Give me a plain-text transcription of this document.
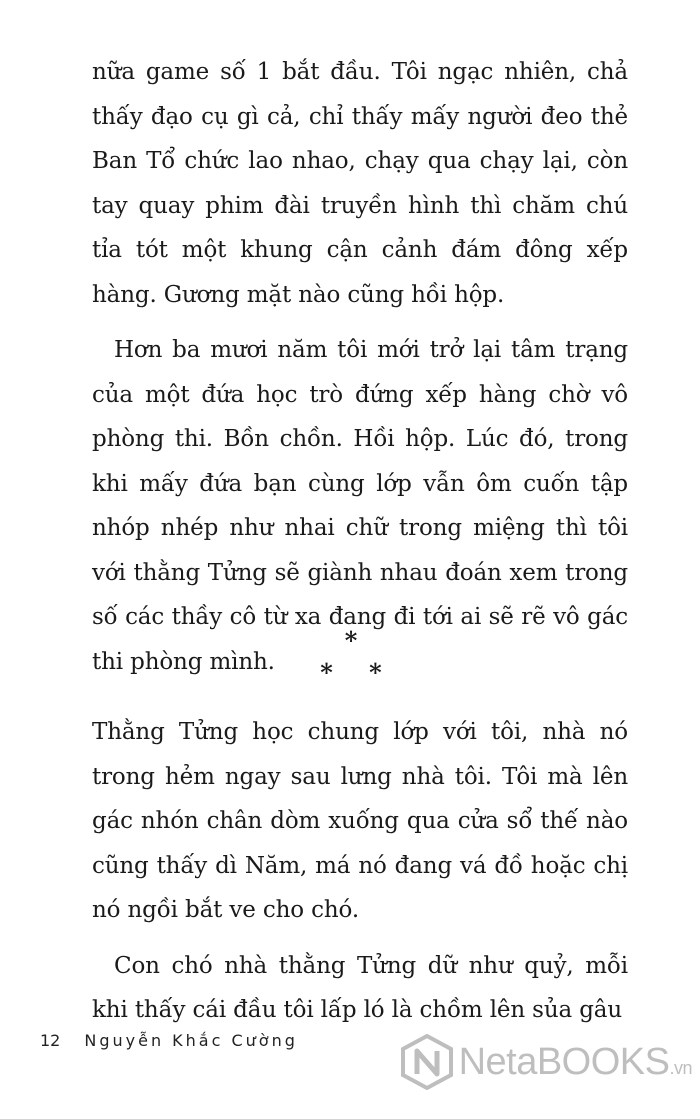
nữa game số 1 bắt đầu. Tôi ngạc nhiên, chả thấy đạo cụ gì cả, chỉ thấy mấy người đeo thẻ Ban Tổ chức lao nhao, chạy qua chạy lại, còn tay quay phim đài truyền hình thì chăm chú tỉa tót một khung cận cảnh đám đông xếp hàng. Gương mặt nào cũng hồi hộp.

Hơn ba mươi năm tôi mới trở lại tâm trạng của một đứa học trò đứng xếp hàng chờ vô phòng thi. Bồn chồn. Hồi hộp. Lúc đó, trong khi mấy đứa bạn cùng lớp vẫn ôm cuốn tập nhóp nhép như nhai chữ trong miệng thì tôi với thằng Tửng sẽ giành nhau đoán xem trong số các thầy cô từ xa đang đi tới ai sẽ rẽ vô gác thi phòng mình.

*
* *

Thằng Tửng học chung lớp với tôi, nhà nó trong hẻm ngay sau lưng nhà tôi. Tôi mà lên gác nhón chân dòm xuống qua cửa sổ thế nào cũng thấy dì Năm, má nó đang vá đồ hoặc chị nó ngồi bắt ve cho chó.

Con chó nhà thằng Tửng dữ như quỷ, mỗi khi thấy cái đầu tôi lấp ló là chồm lên sủa gâu

12 Nguyễn Khắc Cường	NetaBOOKS.vn
